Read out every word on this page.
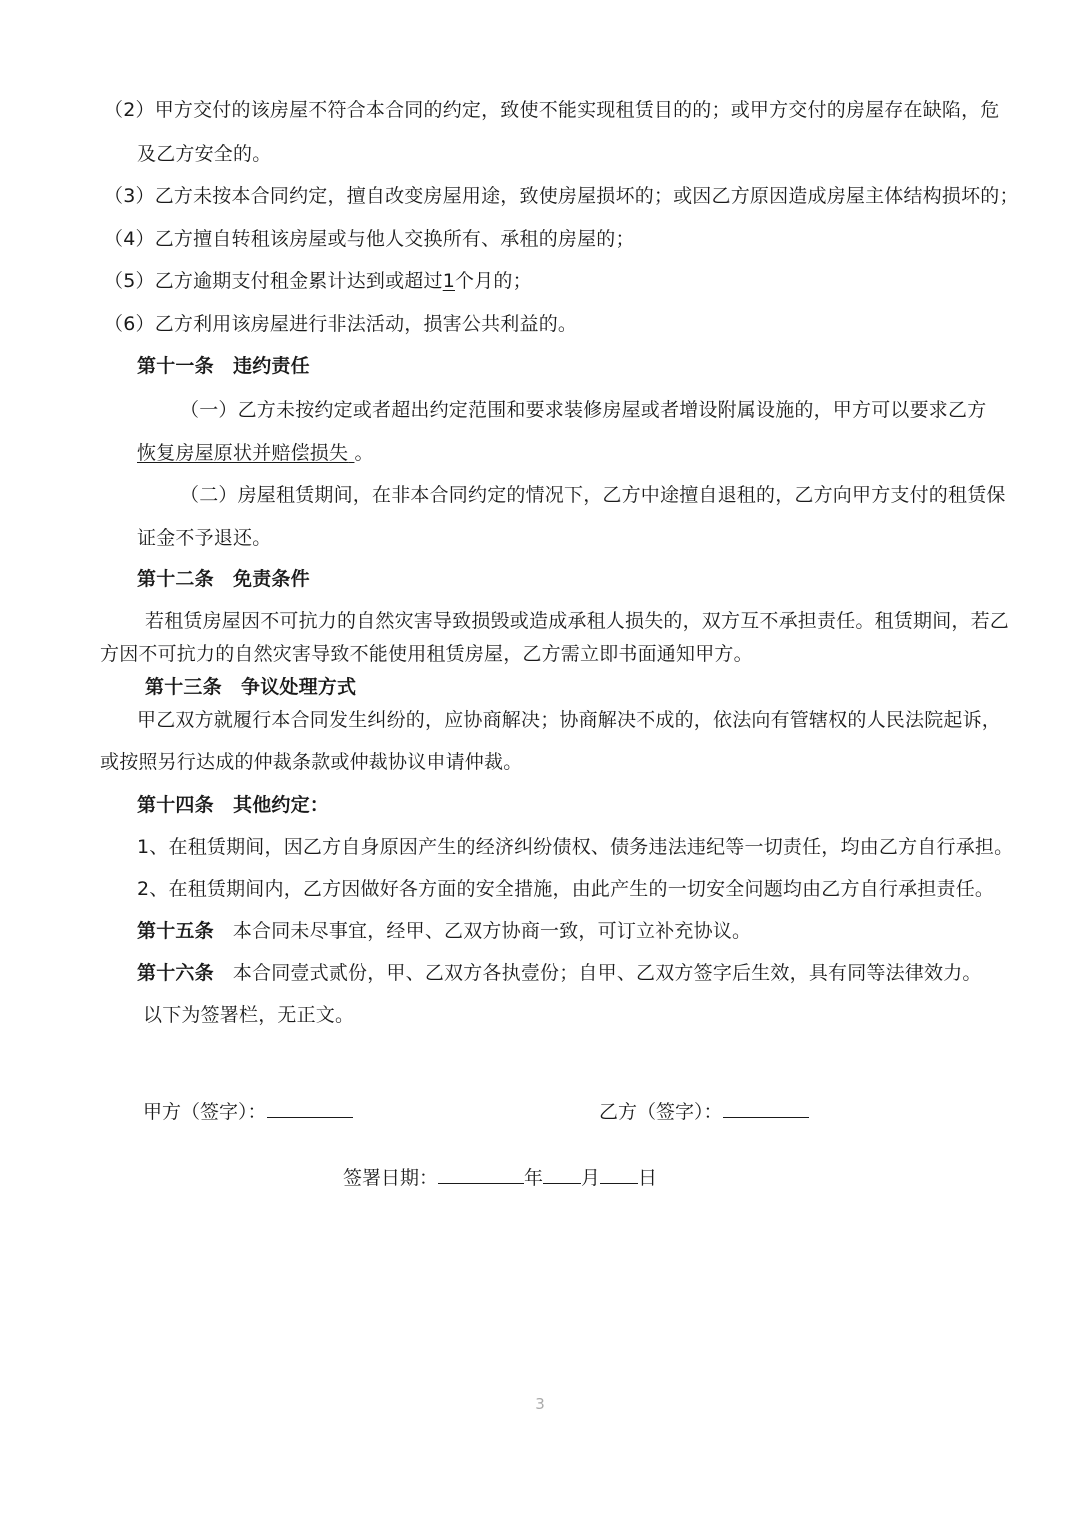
（2）甲方交付的该房屋不符合本合同的约定，致使不能实现租赁目的的；或甲方交付的房屋存在缺陷，危
及乙方安全的。
（3）乙方未按本合同约定，擅自改变房屋用途，致使房屋损坏的；或因乙方原因造成房屋主体结构损坏的；
（4）乙方擅自转租该房屋或与他人交换所有、承租的房屋的；
（5）乙方逾期支付租金累计达到或超过1个月的；
（6）乙方利用该房屋进行非法活动，损害公共利益的。
第十一条　违约责任
（一）乙方未按约定或者超出约定范围和要求装修房屋或者增设附属设施的，甲方可以要求乙方
恢复房屋原状并赔偿损失 。
（二）房屋租赁期间，在非本合同约定的情况下，乙方中途擅自退租的，乙方向甲方支付的租赁保
证金不予退还。
第十二条　免责条件
若租赁房屋因不可抗力的自然灾害导致损毁或造成承租人损失的，双方互不承担责任。租赁期间，若乙
方因不可抗力的自然灾害导致不能使用租赁房屋，乙方需立即书面通知甲方。
第十三条　争议处理方式
甲乙双方就履行本合同发生纠纷的，应协商解决；协商解决不成的，依法向有管辖权的人民法院起诉，
或按照另行达成的仲裁条款或仲裁协议申请仲裁。
第十四条　其他约定：
1、在租赁期间，因乙方自身原因产生的经济纠纷债权、债务违法违纪等一切责任，均由乙方自行承担。
2、在租赁期间内，乙方因做好各方面的安全措施，由此产生的一切安全问题均由乙方自行承担责任。
第十五条 本合同未尽事宜，经甲、乙双方协商一致，可订立补充协议。
第十六条 本合同壹式贰份，甲、乙双方各执壹份；自甲、乙双方签字后生效，具有同等法律效力。
以下为签署栏，无正文。
甲方（签字）：	乙方（签字）：
签署日期：	年 月 日
3
